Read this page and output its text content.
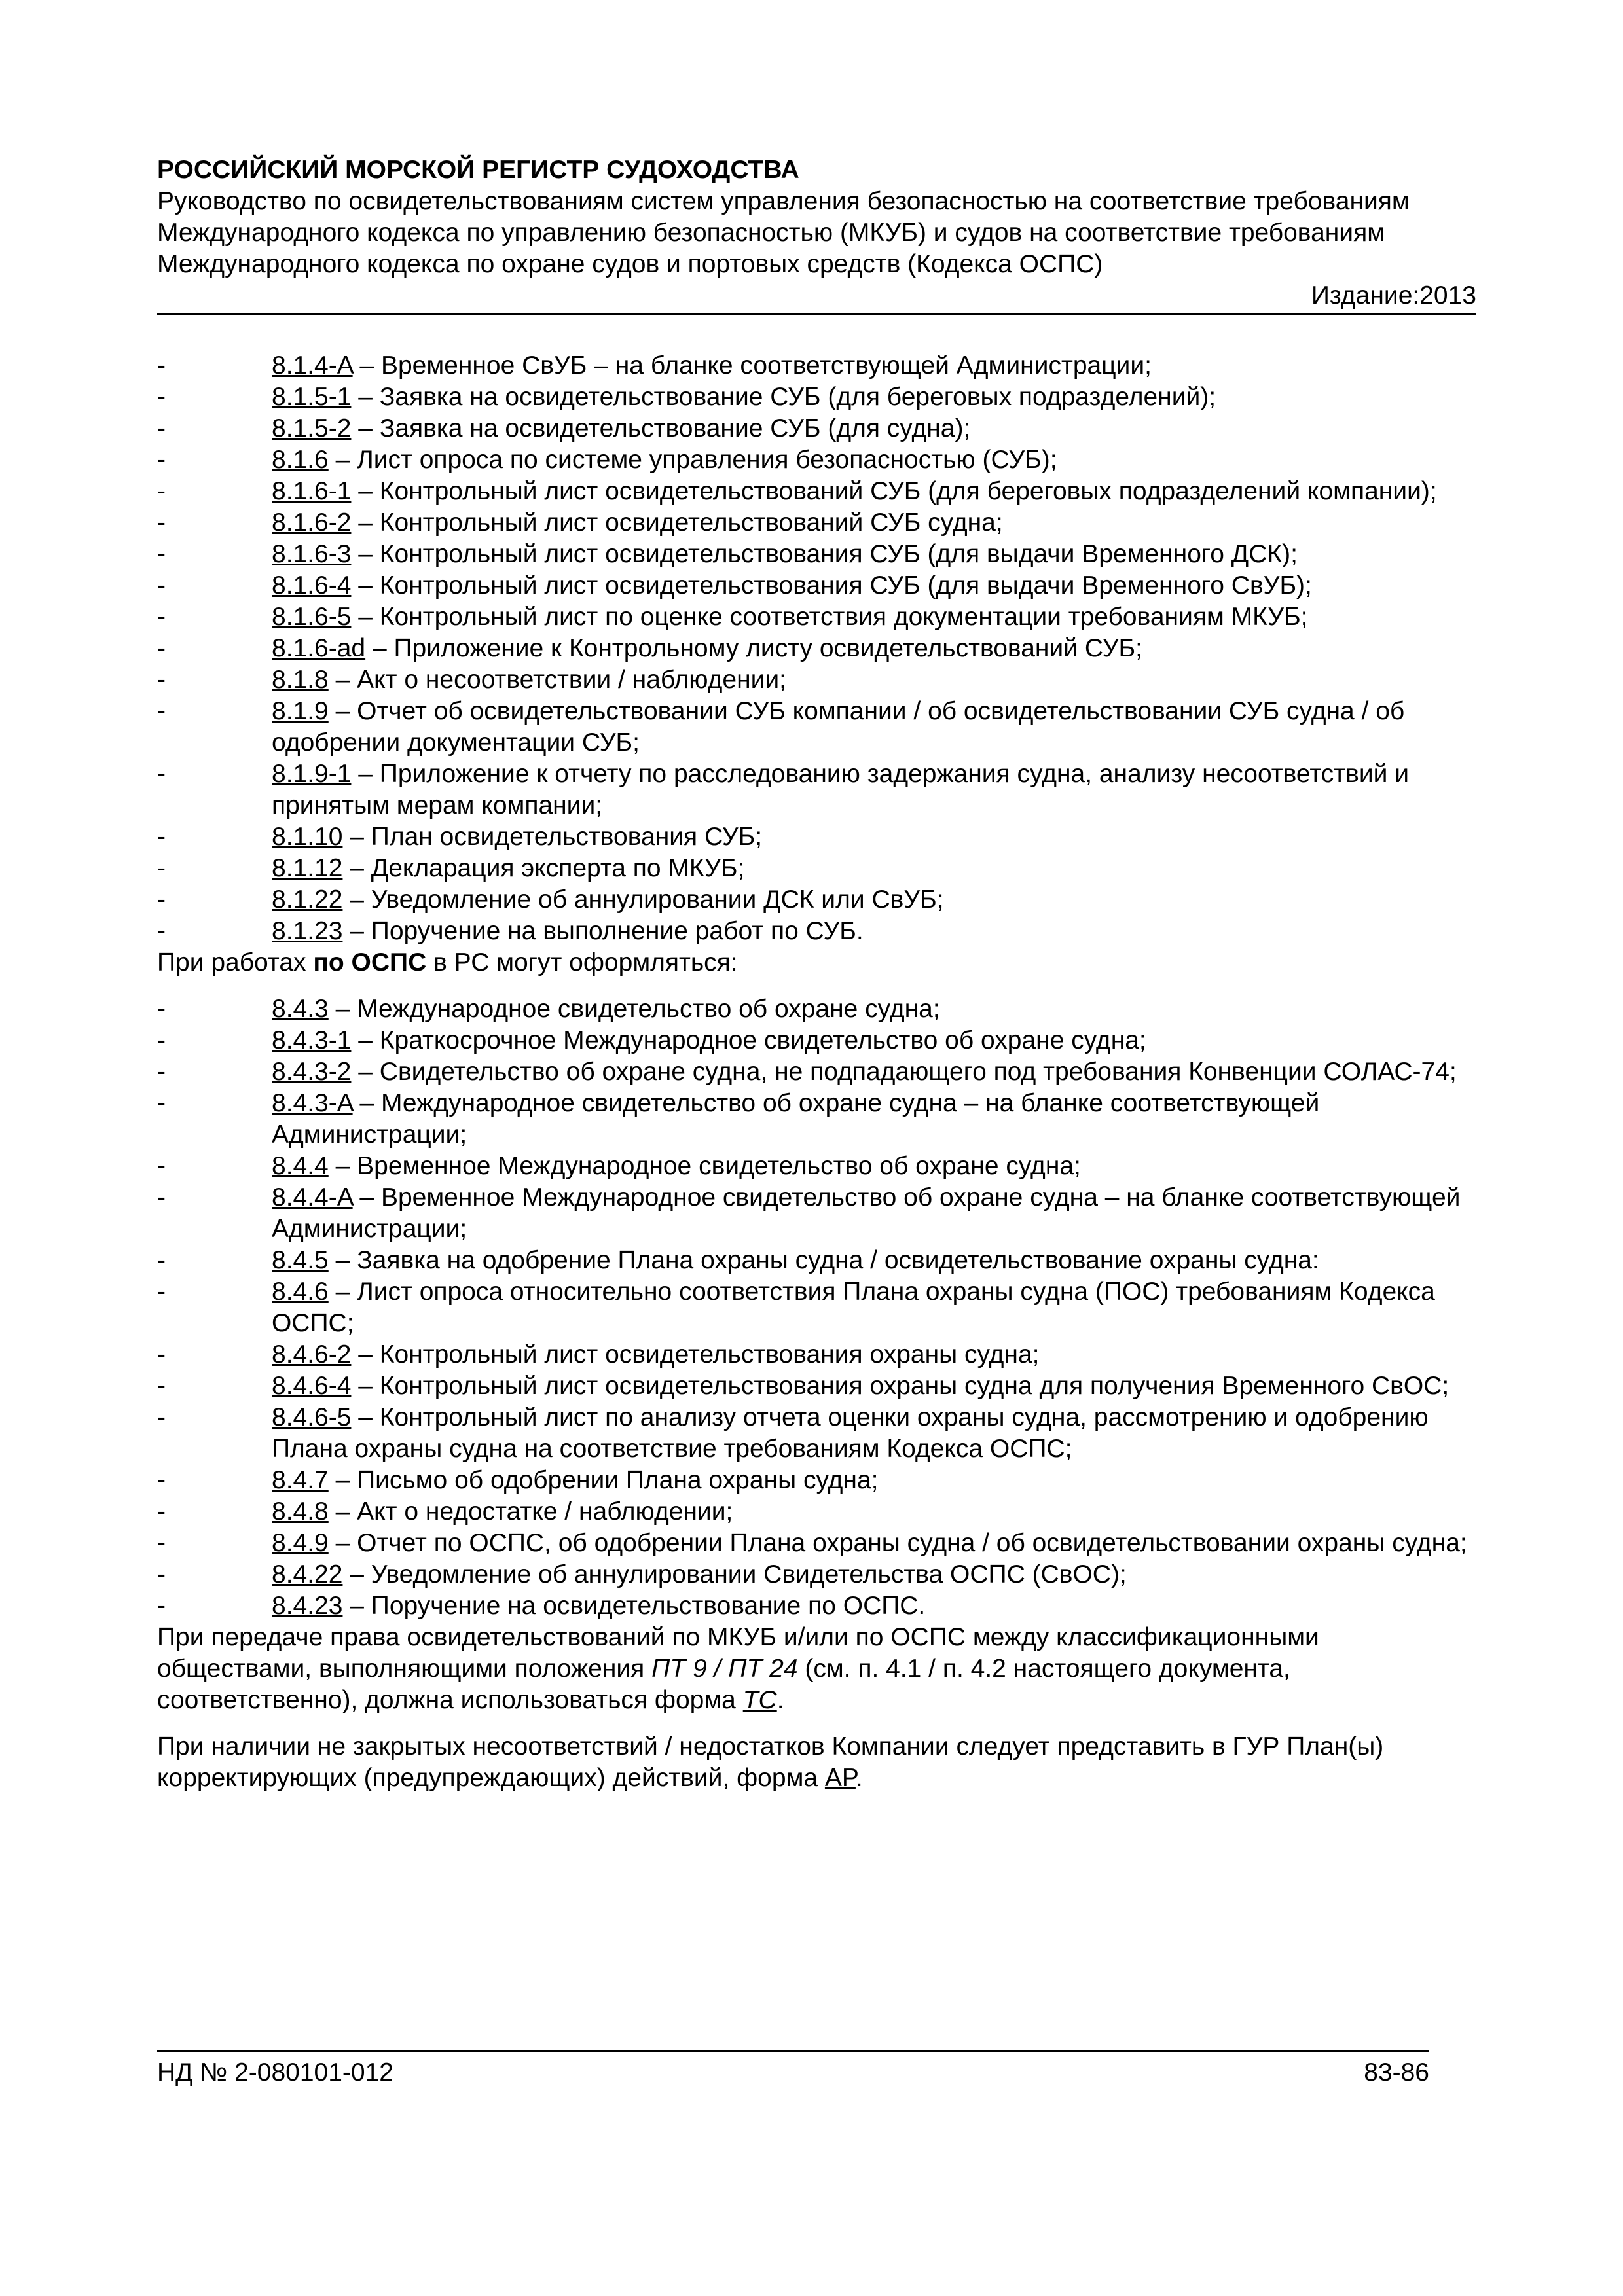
РОССИЙСКИЙ МОРСКОЙ РЕГИСТР СУДОХОДСТВА

Руководство по освидетельствованиям систем управления безопасностью на соответствие требованиям Международного кодекса по управлению безопасностью (МКУБ) и судов на соответствие требованиям Международного кодекса по охране судов и портовых средств (Кодекса ОСПС)

Издание:2013

-	8.1.4-A – Временное СвУБ – на бланке соответствующей Администрации;
-	8.1.5-1 – Заявка на освидетельствование СУБ (для береговых подразделений);
-	8.1.5-2 – Заявка на освидетельствование СУБ (для судна);
-	8.1.6 – Лист опроса по системе управления безопасностью (СУБ);
-	8.1.6-1 – Контрольный лист освидетельствований СУБ (для береговых подразделений компании);
-	8.1.6-2 – Контрольный лист освидетельствований СУБ судна;
-	8.1.6-3 – Контрольный лист освидетельствования СУБ (для выдачи Временного ДСК);
-	8.1.6-4 – Контрольный лист освидетельствования СУБ (для выдачи Временного СвУБ);
-	8.1.6-5 – Контрольный лист по оценке соответствия документации требованиям МКУБ;
-	8.1.6-ad – Приложение к Контрольному листу освидетельствований СУБ;
-	8.1.8 – Акт о несоответствии / наблюдении;
-	8.1.9 – Отчет об освидетельствовании СУБ компании / об освидетельствовании СУБ судна / об одобрении документации СУБ;
-	8.1.9-1 – Приложение к отчету по расследованию задержания судна, анализу несоответствий и принятым мерам компании;
-	8.1.10 – План освидетельствования СУБ;
-	8.1.12 – Декларация эксперта по МКУБ;
-	8.1.22 – Уведомление об аннулировании ДСК или СвУБ;
-	8.1.23 – Поручение на выполнение работ по СУБ.

При работах по ОСПС в РС могут оформляться:

-	8.4.3 – Международное свидетельство об охране судна;
-	8.4.3-1 – Краткосрочное Международное свидетельство об охране судна;
-	8.4.3-2 – Свидетельство об охране судна, не подпадающего под требования Конвенции СОЛАС-74;
-	8.4.3-A – Международное свидетельство об охране судна – на бланке соответствующей Администрации;
-	8.4.4 – Временное Международное свидетельство об охране судна;
-	8.4.4-A – Временное Международное свидетельство об охране судна – на бланке соответствующей Администрации;
-	8.4.5 – Заявка на одобрение Плана охраны судна / освидетельствование охраны судна:
-	8.4.6 – Лист опроса относительно соответствия Плана охраны судна (ПОС) требованиям Кодекса ОСПС;
-	8.4.6-2 – Контрольный лист освидетельствования охраны судна;
-	8.4.6-4 – Контрольный лист освидетельствования охраны судна для получения Временного СвОС;
-	8.4.6-5 – Контрольный лист по анализу отчета оценки охраны судна, рассмотрению и одобрению Плана охраны судна на соответствие требованиям Кодекса ОСПС;
-	8.4.7 – Письмо об одобрении Плана охраны судна;
-	8.4.8 – Акт о недостатке / наблюдении;
-	8.4.9 – Отчет по ОСПС, об одобрении Плана охраны судна / об освидетельствовании охраны судна;
-	8.4.22 – Уведомление об аннулировании Свидетельства ОСПС (СвОС);
-	8.4.23 – Поручение на освидетельствование по ОСПС.

При передаче права освидетельствований по МКУБ и/или по ОСПС между классификационными обществами, выполняющими положения ПТ 9 / ПТ 24 (см. п. 4.1 / п. 4.2 настоящего документа, соответственно), должна использоваться форма TC.

При наличии не закрытых несоответствий / недостатков Компании следует представить в ГУР План(ы) корректирующих (предупреждающих) действий, форма AP.

НД № 2-080101-012	83-86
